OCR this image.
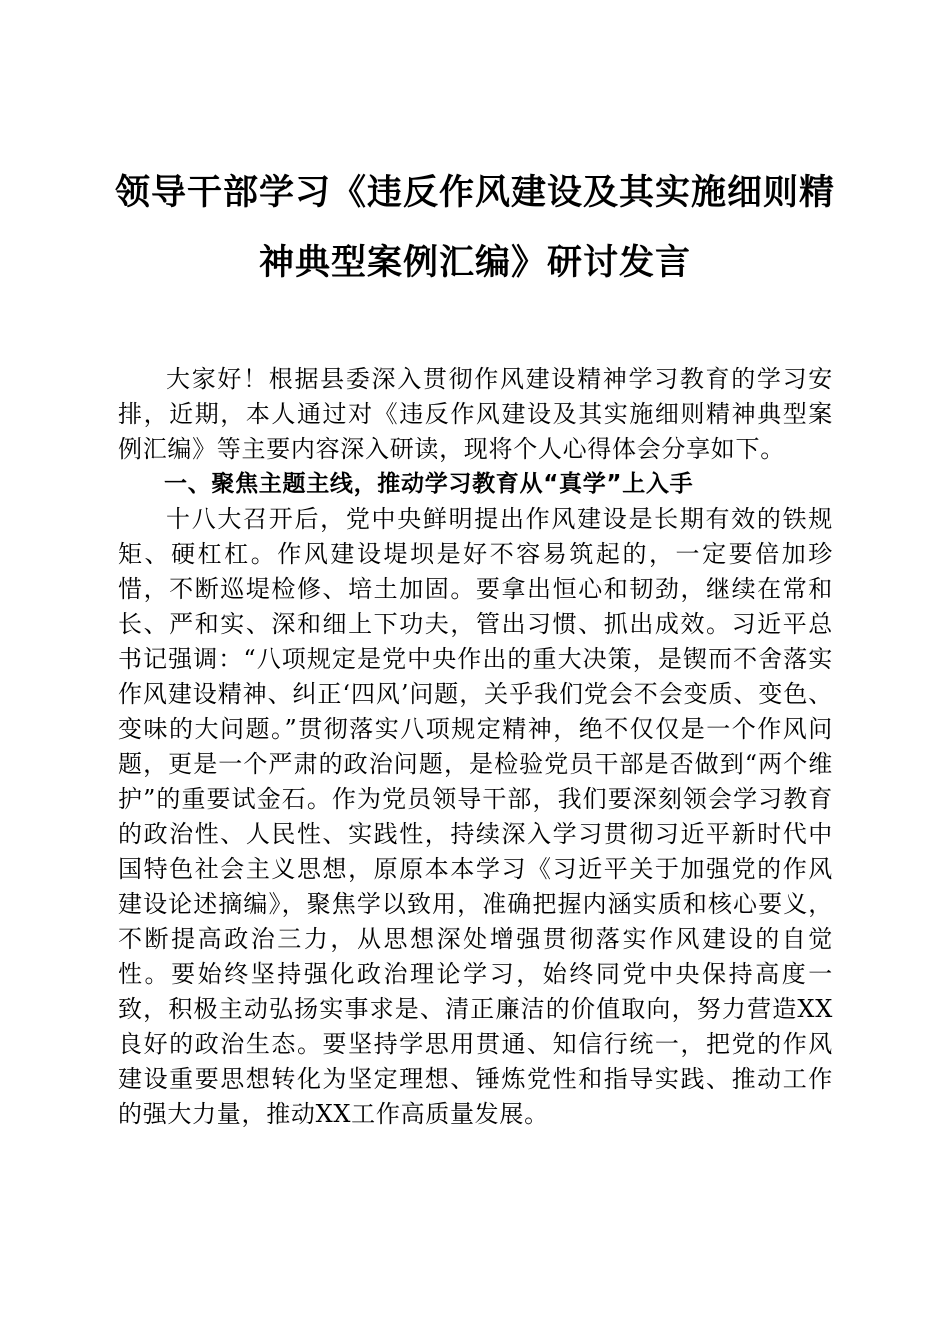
领导干部学习《违反作风建设及其实施细则精
神典型案例汇编》研讨发言

大家好！根据县委深入贯彻作风建设精神学习教育的学习安排，近期，本人通过对《违反作风建设及其实施细则精神典型案例汇编》等主要内容深入研读，现将个人心得体会分享如下。

一、聚焦主题主线，推动学习教育从“真学”上入手

十八大召开后，党中央鲜明提出作风建设是长期有效的铁规矩、硬杠杠。作风建设堤坝是好不容易筑起的，一定要倍加珍惜，不断巡堤检修、培土加固。要拿出恒心和韧劲，继续在常和长、严和实、深和细上下功夫，管出习惯、抓出成效。习近平总书记强调：“八项规定是党中央作出的重大决策，是锲而不舍落实作风建设精神、纠正‘四风’问题，关乎我们党会不会变质、变色、变味的大问题。”贯彻落实八项规定精神，绝不仅仅是一个作风问题，更是一个严肃的政治问题，是检验党员干部是否做到“两个维护”的重要试金石。作为党员领导干部，我们要深刻领会学习教育的政治性、人民性、实践性，持续深入学习贯彻习近平新时代中国特色社会主义思想，原原本本学习《习近平关于加强党的作风建设论述摘编》，聚焦学以致用，准确把握内涵实质和核心要义，不断提高政治三力，从思想深处增强贯彻落实作风建设的自觉性。要始终坚持强化政治理论学习，始终同党中央保持高度一致，积极主动弘扬实事求是、清正廉洁的价值取向，努力营造XX良好的政治生态。要坚持学思用贯通、知信行统一，把党的作风建设重要思想转化为坚定理想、锤炼党性和指导实践、推动工作的强大力量，推动XX工作高质量发展。
